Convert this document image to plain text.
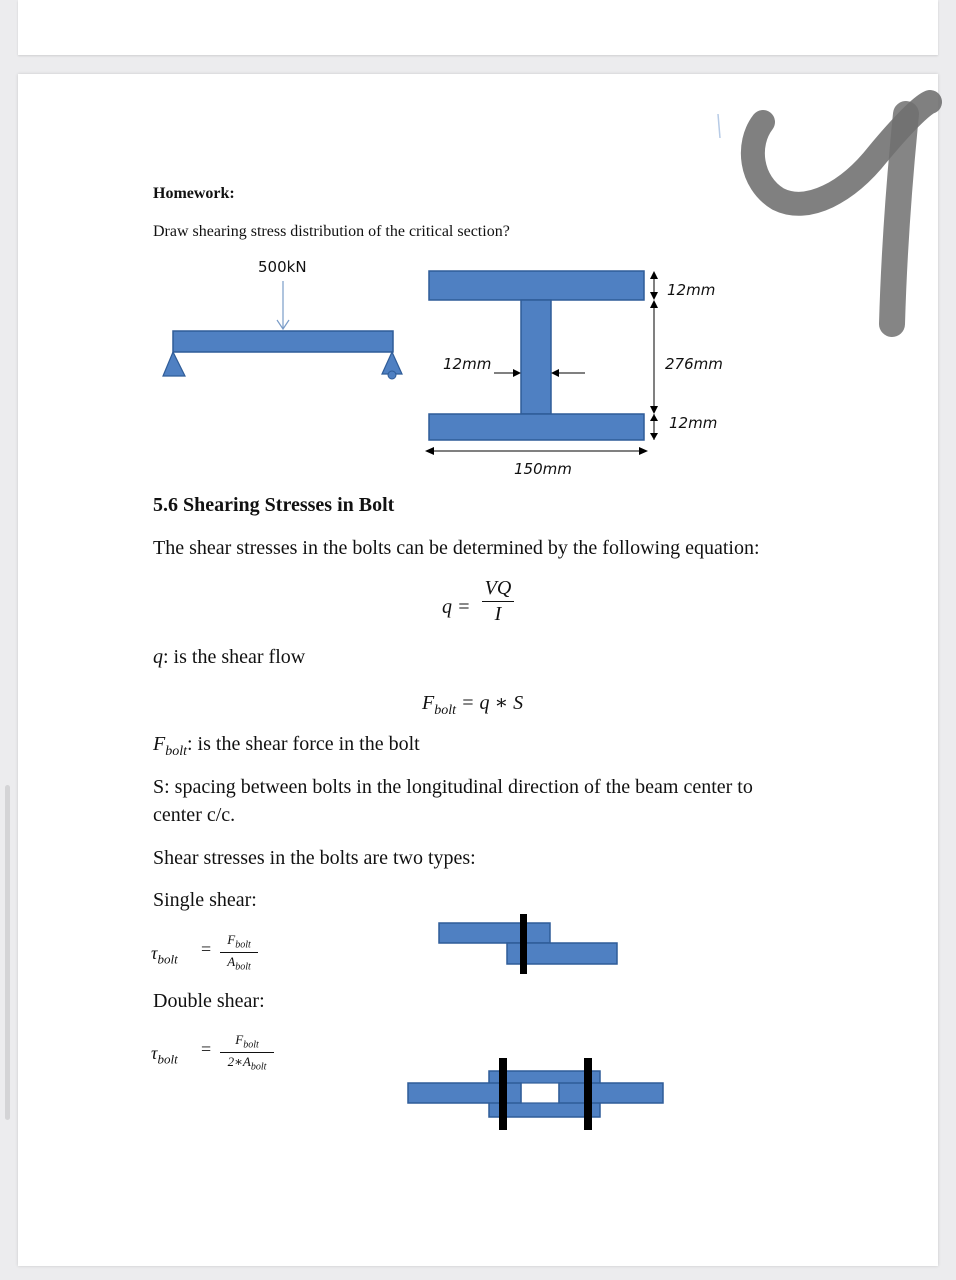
Homework:
Draw shearing stress distribution of the critical section?
500kN
12mm
276mm
12mm
12mm
150mm
5.6 Shearing Stresses in Bolt
The shear stresses in the bolts can be determined by the following equation:
q =
VQ
I
q: is the shear flow
$F_{bolt} = q$ ∗ S
$F_{bolt}$: is the shear force in the bolt
S: spacing between bolts in the longitudinal direction of the beam center to
center c/c.
Shear stresses in the bolts are two types:
Single shear:
$\tau_{bolt}$
=	$F_{bolt}$
$A_{bolt}$
Double shear:
$\tau_{bolt}$
=	$F_{bolt}$
$2∗A_{bolt}$
